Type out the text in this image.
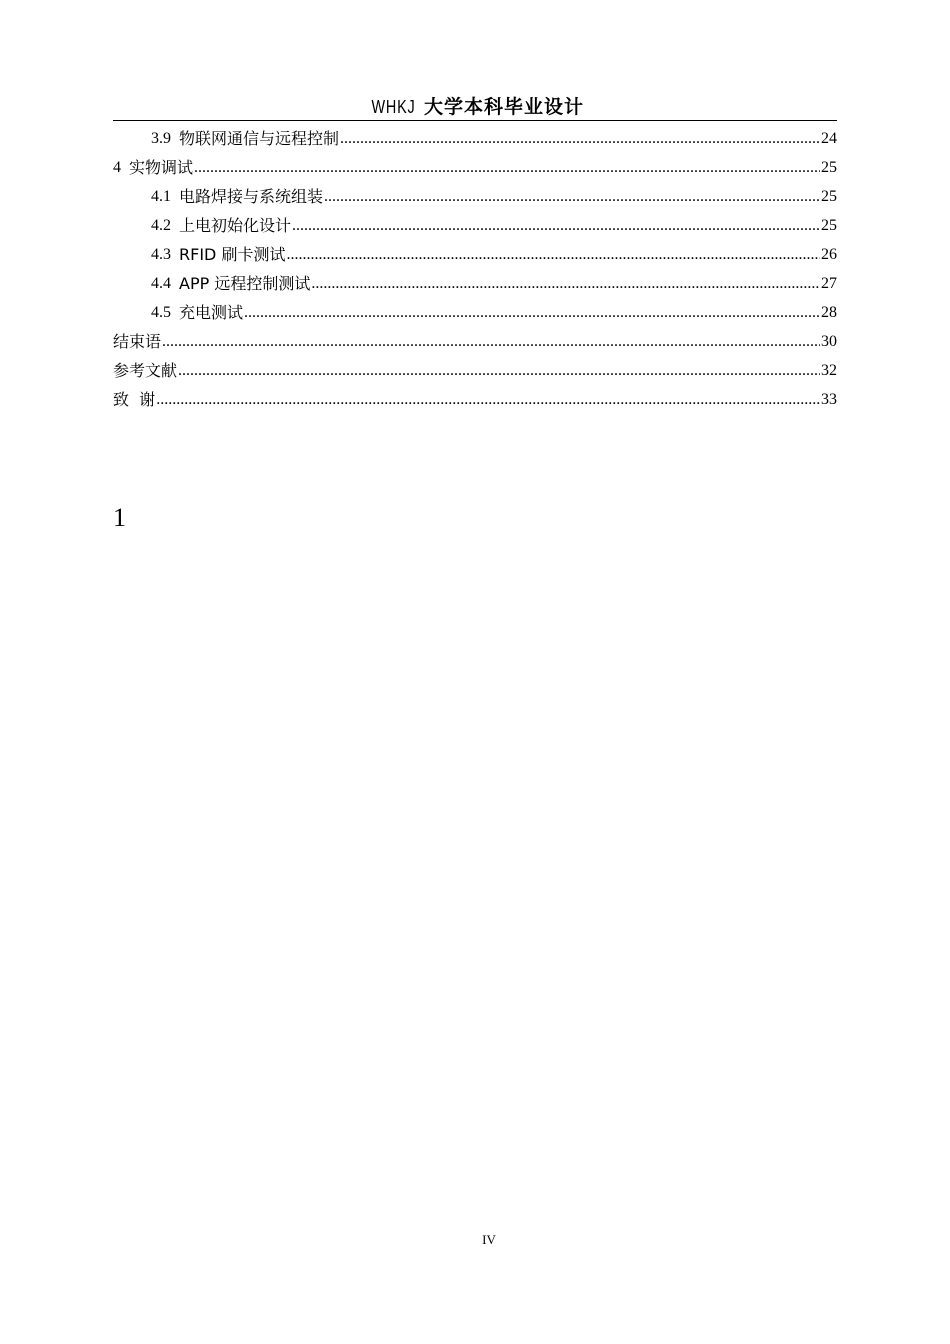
WHKJ 大学本科毕业设计
3.9 物联网通信与远程控制 .....	24
4 实物调试 .....	25
4.1 电路焊接与系统组装 .....	25
4.2 上电初始化设计 .....	25
4.3 RFID 刷卡测试 .....	26
4.4 APP 远程控制测试 .....	27
4.5 充电测试 .....	28
结束语 .....	30
参考文献 .....	32
致  谢 .....	33
1
IV
